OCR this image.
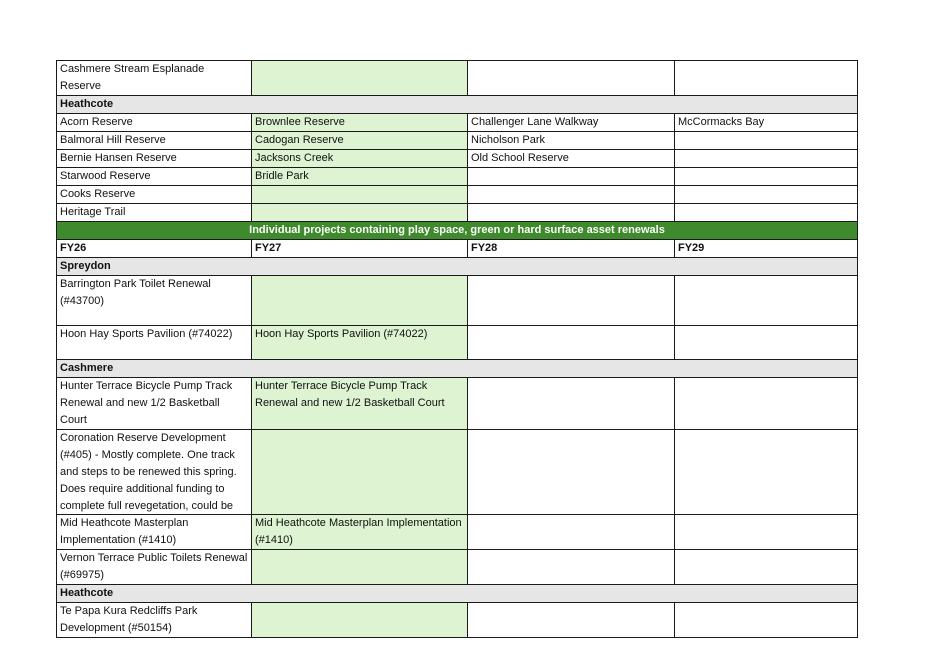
Cashmere Stream Esplanade Reserve			
Heathcote			
Acorn Reserve	Brownlee Reserve	Challenger Lane Walkway	McCormacks Bay
Balmoral Hill Reserve	Cadogan Reserve	Nicholson Park	
Bernie Hansen Reserve	Jacksons Creek	Old School Reserve	
Starwood Reserve	Bridle Park		
Cooks Reserve			
Heritage Trail			
Individual projects containing play space, green or hard surface asset renewals			
FY26	FY27	FY28	FY29
Spreydon			
Barrington Park Toilet Renewal (#43700)			
Hoon Hay Sports Pavilion (#74022)	Hoon Hay Sports Pavilion (#74022)		
Cashmere			
Hunter Terrace Bicycle Pump Track Renewal and new 1/2 Basketball Court	Hunter Terrace Bicycle Pump Track Renewal and new 1/2 Basketball Court		

Coronation Reserve Development (#405) - Mostly complete. One track and steps to be renewed this spring. Does require additional funding to complete full revegetation, could be			

Mid Heathcote Masterplan Implementation (#1410)	Mid Heathcote Masterplan Implementation (#1410)		
Vernon Terrace Public Toilets Renewal (#69975)			
Heathcote			
Te Papa Kura Redcliffs Park Development (#50154)			
